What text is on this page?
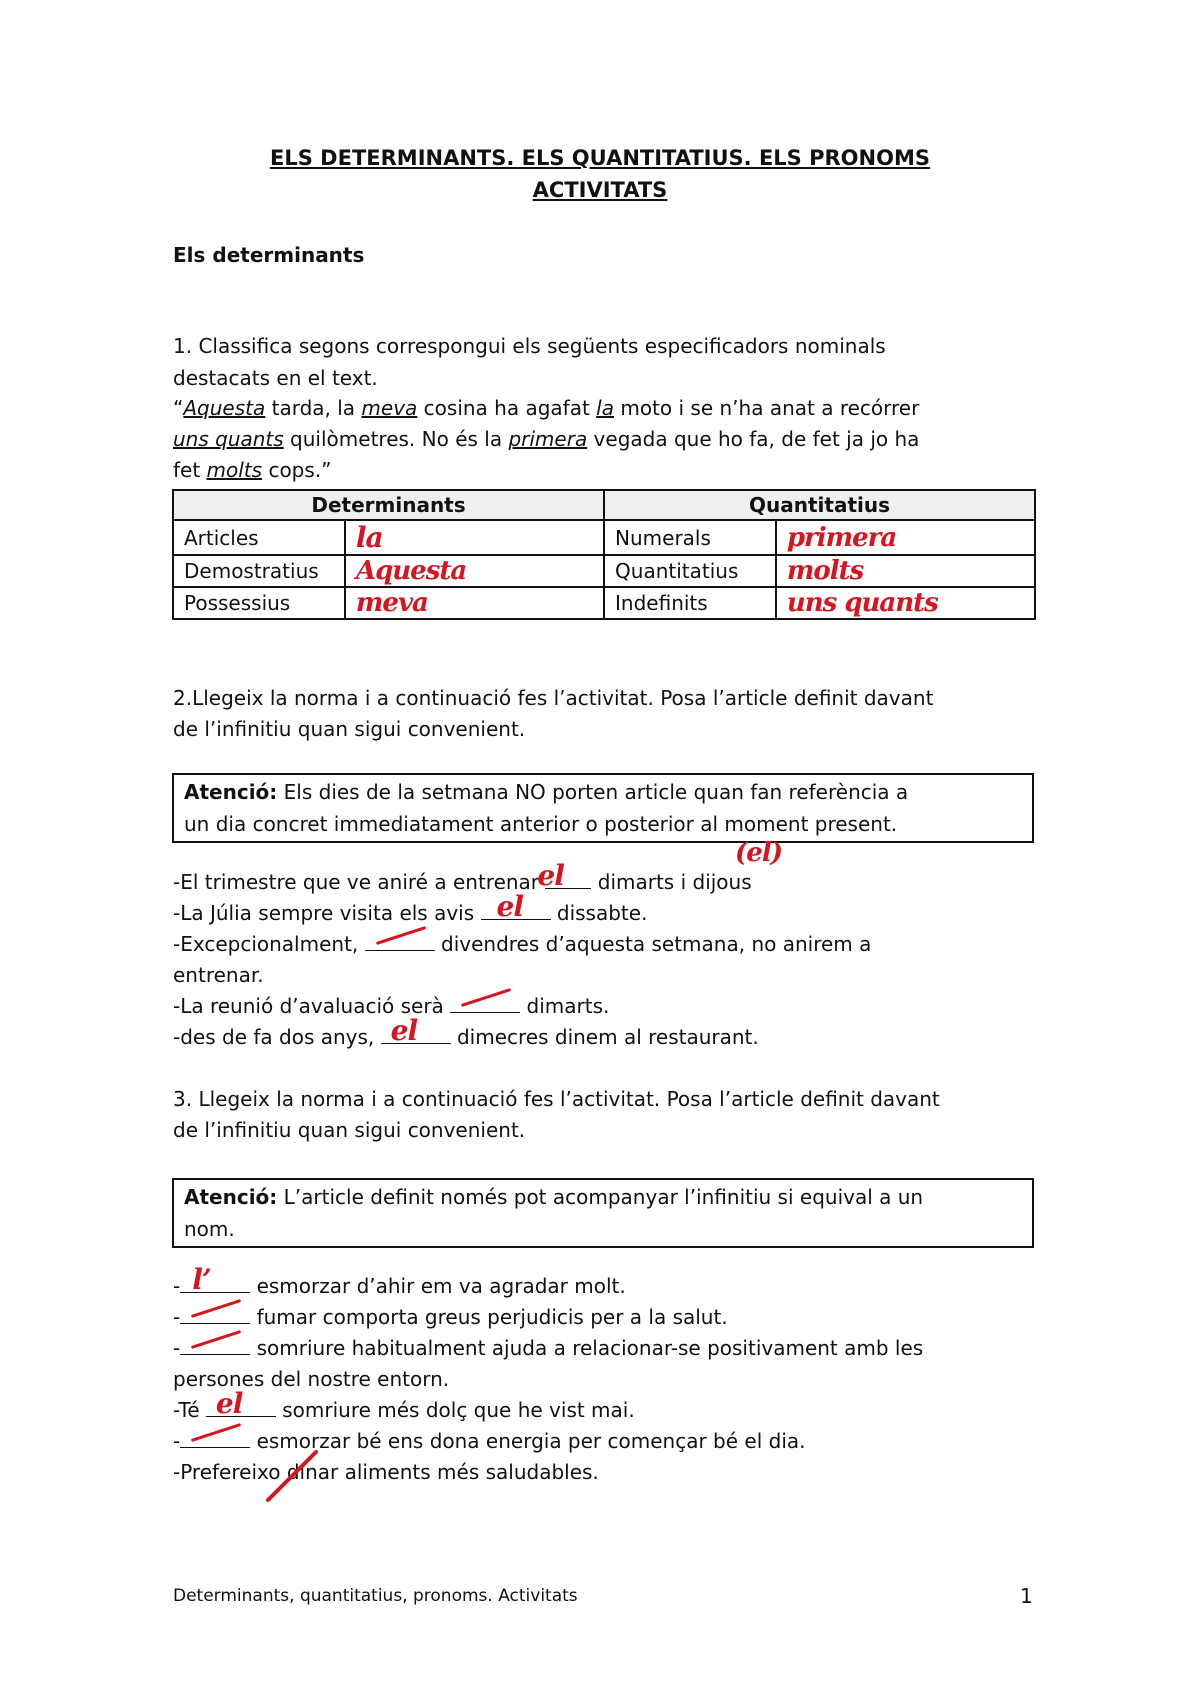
ELS DETERMINANTS. ELS QUANTITATIUS. ELS PRONOMS
ACTIVITATS
Els determinants
1. Classifica segons correspongui els següents especificadors nominals
destacats en el text.
“Aquesta tarda, la meva cosina ha agafat la moto i se n’ha anat a recórrer
uns quants quilòmetres. No és la primera vegada que ho fa, de fet ja jo ha
fet molts cops.”
Determinants		Quantitatius	
Articles	la	Numerals	primera
Demostratius	Aquesta	Quantitatius	molts
Possessius	meva	Indefinits	uns quants
2.Llegeix la norma i a continuació fes l’activitat. Posa l’article definit davant
de l’infinitiu quan sigui convenient.
Atenció: Els dies de la setmana NO porten article quan fan referència a
un dia concret immediatament anterior o posterior al moment present.
(el)
-El trimestre que ve aniré a entrenar
el dimarts i dijous
-La Júlia sempre visita els avis el dissabte.
-Excepcionalment,	divendres d’aquesta setmana, no anirem a
entrenar.
-La reunió d’avaluació serà	dimarts.
-des de fa dos anys, el dimecres dinem al restaurant.
3. Llegeix la norma i a continuació fes l’activitat. Posa l’article definit davant
de l’infinitiu quan sigui convenient.
Atenció: L’article definit només pot acompanyar l’infinitiu si equival a un
nom.
- l’ esmorzar d’ahir em va agradar molt.
-	fumar comporta greus perjudicis per a la salut.
-	somriure habitualment ajuda a relacionar-se positivament amb les
persones del nostre entorn.
-Té el somriure més dolç que he vist mai.
-	esmorzar bé ens dona energia per començar bé el dia.
-Prefereixo dinar aliments més saludables.
Determinants, quantitatius, pronoms. Activitats	1
